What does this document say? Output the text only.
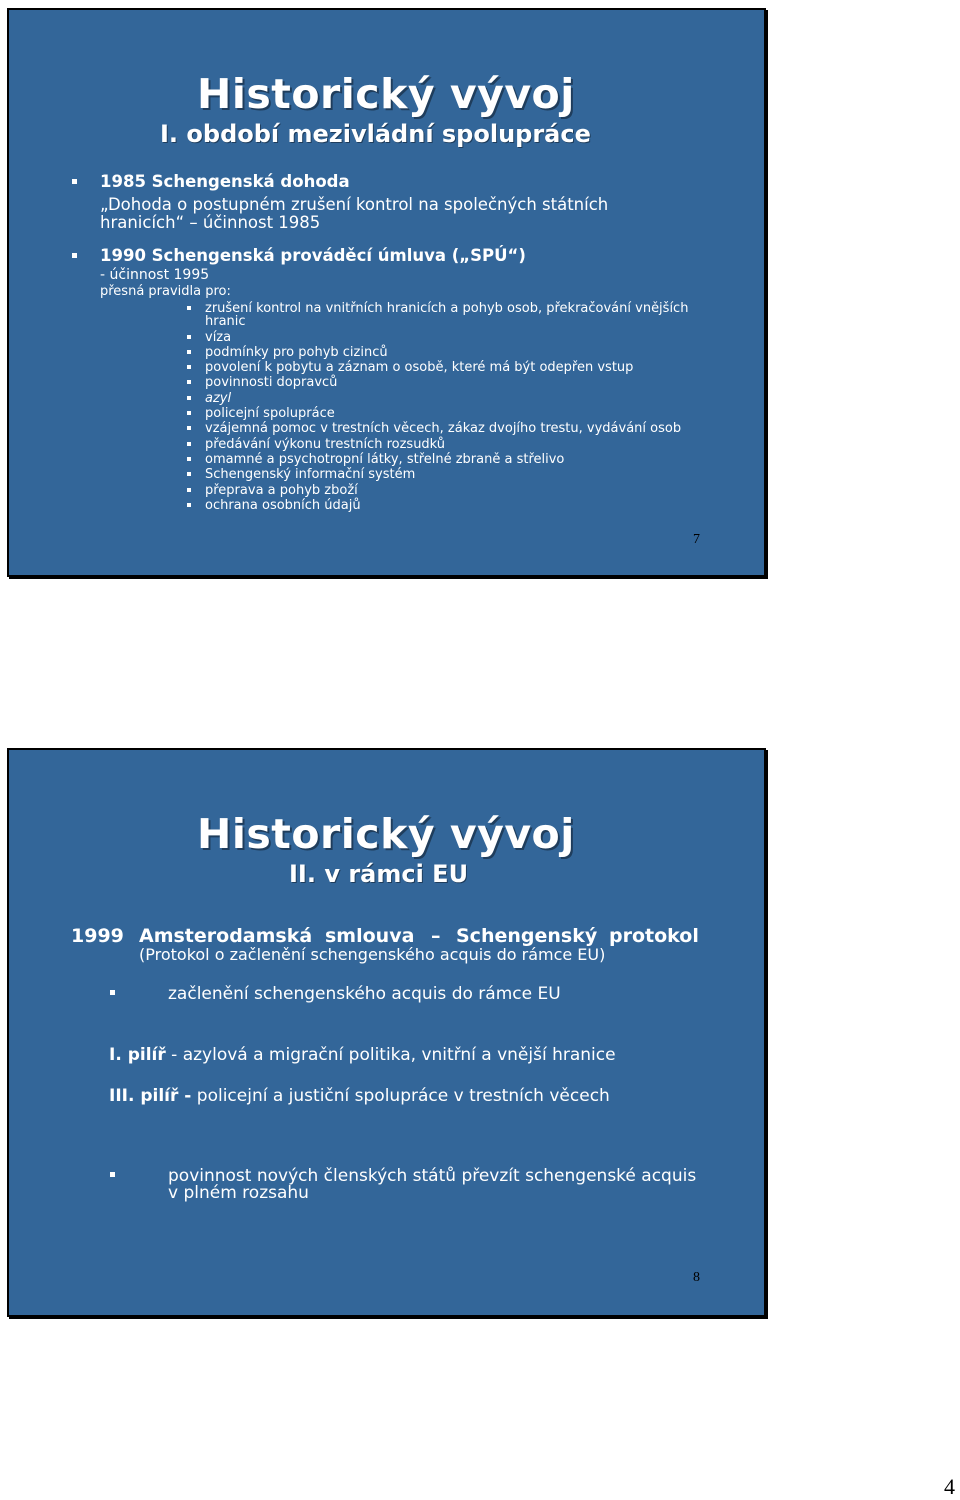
Historický vývoj
I. období mezivládní spolupráce
1985 Schengenská dohoda
„Dohoda o postupném zrušení kontrol na společných státních
hranicích“ – účinnost 1985
1990 Schengenská prováděcí úmluva („SPÚ“)
- účinnost 1995
přesná pravidla pro:
zrušení kontrol na vnitřních hranicích a pohyb osob, překračování vnějších
hranic
víza
podmínky pro pohyb cizinců
povolení k pobytu a záznam o osobě, které má být odepřen vstup
povinnosti dopravců
azyl
policejní spolupráce
vzájemná pomoc v trestních věcech, zákaz dvojího trestu, vydávání osob
předávání výkonu trestních rozsudků
omamné a psychotropní látky, střelné zbraně a střelivo
Schengenský informační systém
přeprava a pohyb zboží
ochrana osobních údajů
7
Historický vývoj
II. v rámci EU
1999 Amsterodamská smlouva – Schengenský protokol
(Protokol o začlenění schengenského acquis do rámce EU)
začlenění schengenského acquis do rámce EU
I. pilíř - azylová a migrační politika, vnitřní a vnější hranice
III. pilíř - policejní a justiční spolupráce v trestních věcech
povinnost nových členských států převzít schengenské acquis
v plném rozsahu
8
4
